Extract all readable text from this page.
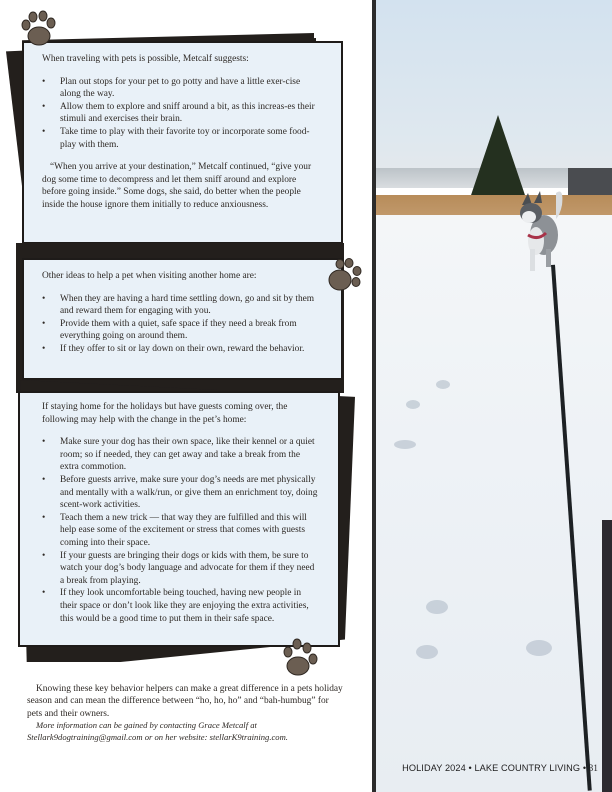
When traveling with pets is possible, Metcalf suggests:

• Plan out stops for your pet to go potty and have a little exer-cise along the way.
• Allow them to explore and sniff around a bit, as this increas-es their stimuli and exercises their brain.
• Take time to play with their favorite toy or incorporate some food-play with them.

“When you arrive at your destination,” Metcalf continued, “give your dog some time to decompress and let them sniff around and explore before going inside.” Some dogs, she said, do better when the people inside the house ignore them initially to reduce anxiousness.

Other ideas to help a pet when visiting another home are:

• When they are having a hard time settling down, go and sit by them and reward them for engaging with you.
• Provide them with a quiet, safe space if they need a break from everything going on around them.
• If they offer to sit or lay down on their own, reward the behavior.

If staying home for the holidays but have guests coming over, the following may help with the change in the pet’s home:

• Make sure your dog has their own space, like their kennel or a quiet room; so if needed, they can get away and take a break from the extra commotion.
• Before guests arrive, make sure your dog’s needs are met physically and mentally with a walk/run, or give them an enrichment toy, doing scent-work activities.
• Teach them a new trick — that way they are fulfilled and this will help ease some of the excitement or stress that comes with guests coming into their space.
• If your guests are bringing their dogs or kids with them, be sure to watch your dog’s body language and advocate for them if they need a break from playing.
• If they look uncomfortable being touched, having new people in their space or don’t look like they are enjoying the extra activities, this would be a good time to put them in their safe space.

Knowing these key behavior helpers can make a great difference in a pets holiday season and can mean the difference between “ho, ho, ho” and “bah-humbug” for pets and their owners.

More information can be gained by contacting Grace Metcalf at Stellark9dogtraining@gmail.com or on her website: stellarK9training.com.

HOLIDAY 2024 • LAKE COUNTRY LIVING • 31
